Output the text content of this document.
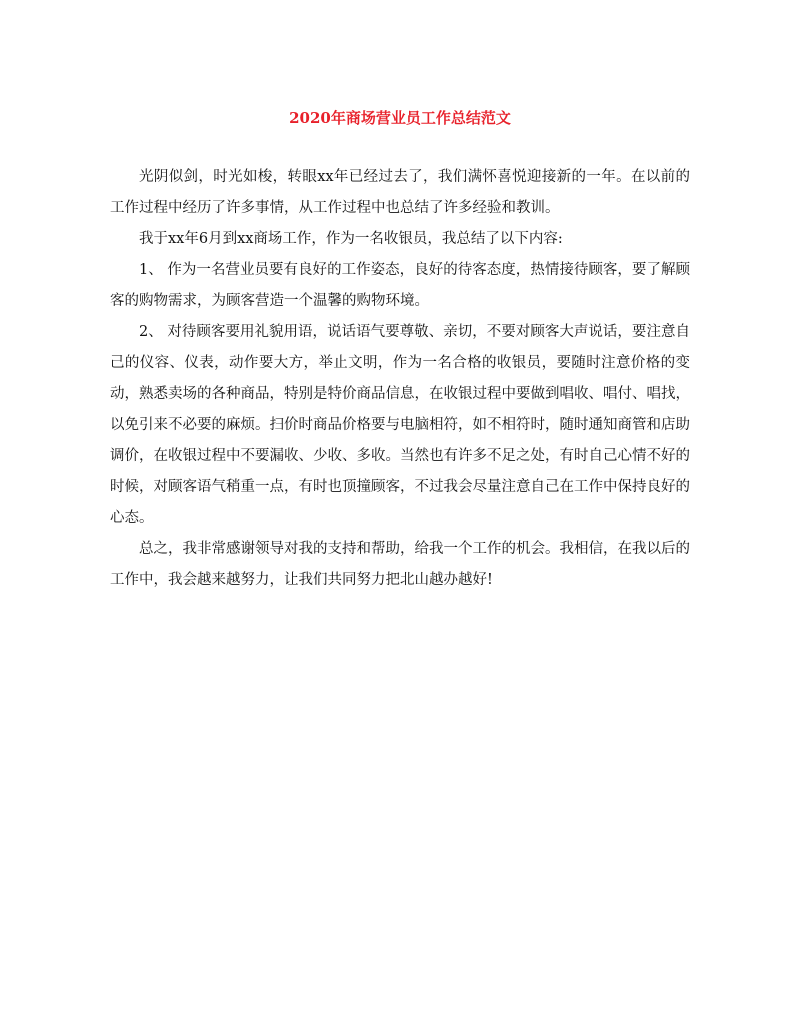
2020年商场营业员工作总结范文

光阴似剑，时光如梭，转眼xx年已经过去了，我们满怀喜悦迎接新的一年。在以前的工作过程中经历了许多事情，从工作过程中也总结了许多经验和教训。

我于xx年6月到xx商场工作，作为一名收银员，我总结了以下内容:

1、 作为一名营业员要有良好的工作姿态，良好的待客态度，热情接待顾客，要了解顾客的购物需求，为顾客营造一个温馨的购物环境。

2、 对待顾客要用礼貌用语，说话语气要尊敬、亲切，不要对顾客大声说话，要注意自己的仪容、仪表，动作要大方，举止文明，作为一名合格的收银员，要随时注意价格的变动，熟悉卖场的各种商品，特别是特价商品信息，在收银过程中要做到唱收、唱付、唱找，以免引来不必要的麻烦。扫价时商品价格要与电脑相符，如不相符时，随时通知商管和店助调价，在收银过程中不要漏收、少收、多收。当然也有许多不足之处，有时自己心情不好的时候，对顾客语气稍重一点，有时也顶撞顾客，不过我会尽量注意自己在工作中保持良好的心态。

总之，我非常感谢领导对我的支持和帮助，给我一个工作的机会。我相信，在我以后的工作中，我会越来越努力，让我们共同努力把北山越办越好!
